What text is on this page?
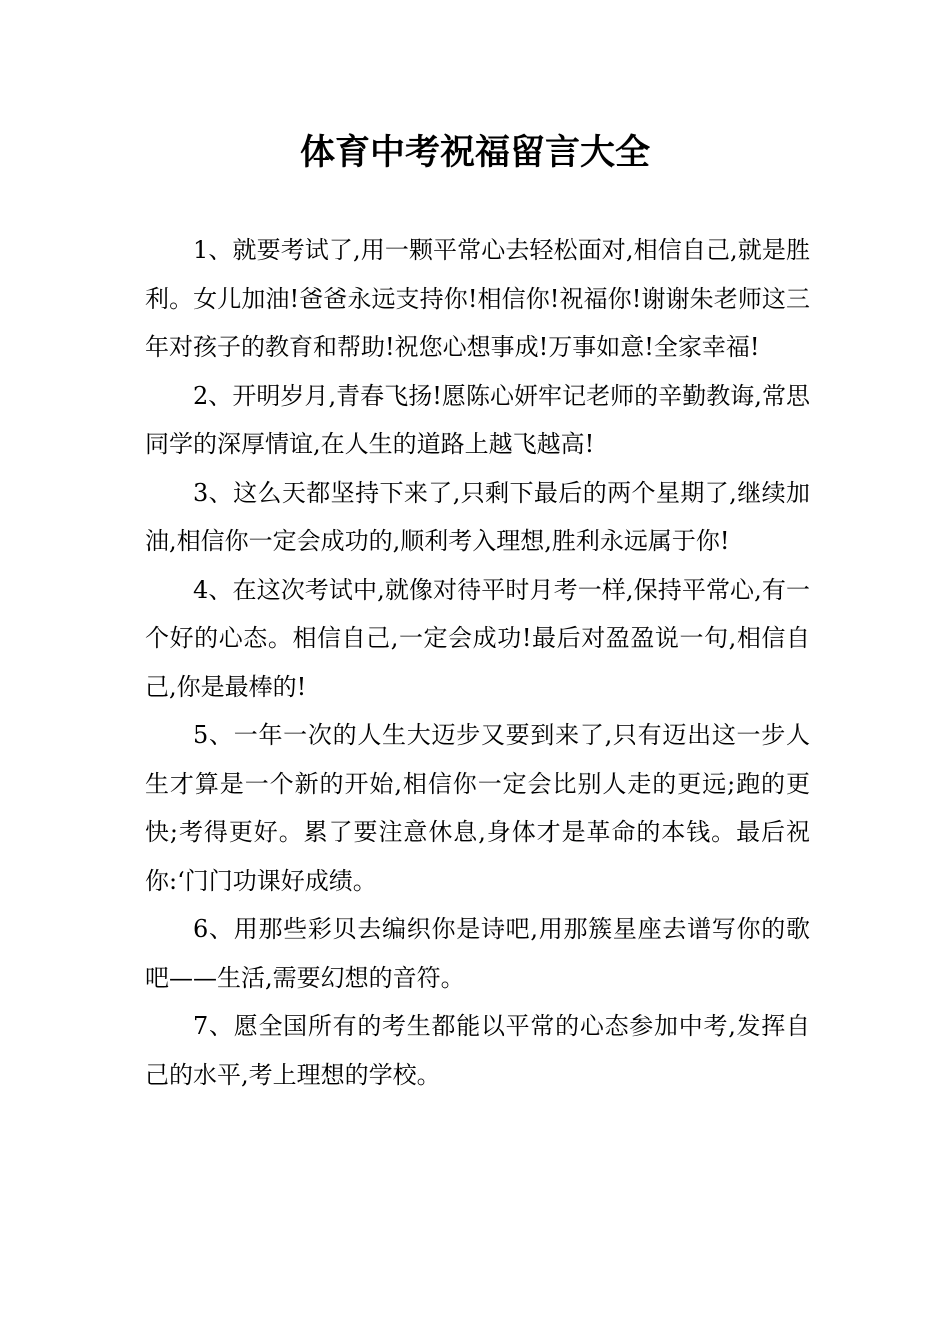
体育中考祝福留言大全

1、就要考试了,用一颗平常心去轻松面对,相信自己,就是胜利。女儿加油!爸爸永远支持你!相信你!祝福你!谢谢朱老师这三年对孩子的教育和帮助!祝您心想事成!万事如意!全家幸福!

2、开明岁月,青春飞扬!愿陈心妍牢记老师的辛勤教诲,常思同学的深厚情谊,在人生的道路上越飞越高!

3、这么天都坚持下来了,只剩下最后的两个星期了,继续加油,相信你一定会成功的,顺利考入理想,胜利永远属于你!

4、在这次考试中,就像对待平时月考一样,保持平常心,有一个好的心态。相信自己,一定会成功!最后对盈盈说一句,相信自己,你是最棒的!

5、一年一次的人生大迈步又要到来了,只有迈出这一步人生才算是一个新的开始,相信你一定会比别人走的更远;跑的更快;考得更好。累了要注意休息,身体才是革命的本钱。最后祝你:‘门门功课好成绩。

6、用那些彩贝去编织你是诗吧,用那簇星座去谱写你的歌吧——生活,需要幻想的音符。

7、愿全国所有的考生都能以平常的心态参加中考,发挥自己的水平,考上理想的学校。
